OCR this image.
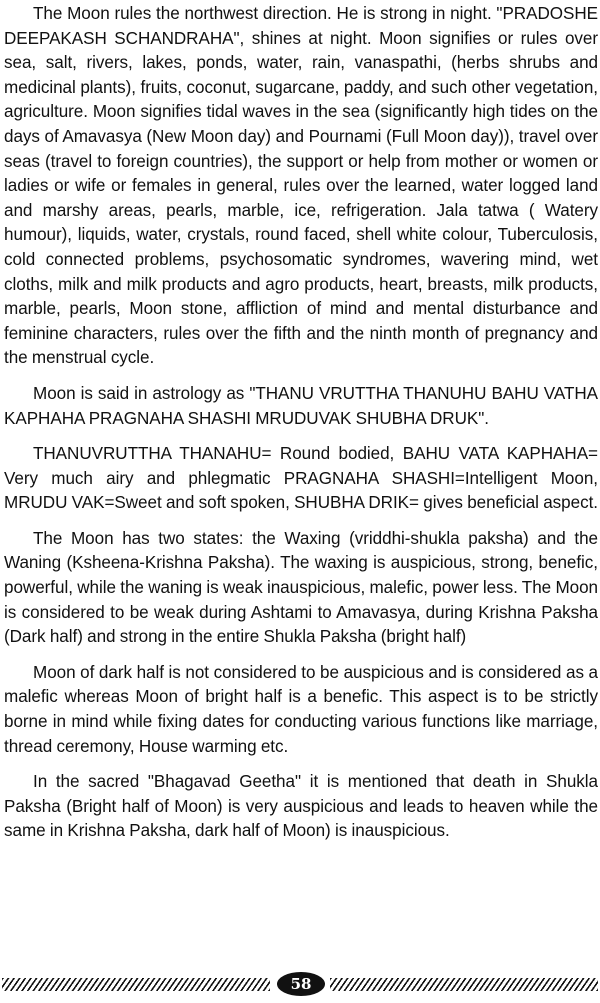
The Moon rules the northwest direction. He is strong in night. "PRADOSHE DEEPAKASH SCHANDRAHA", shines at night. Moon signifies or rules over sea, salt, rivers, lakes, ponds, water, rain, vanaspathi, (herbs shrubs and medicinal plants), fruits, coconut, sugarcane, paddy, and such other vegetation, agriculture. Moon signifies tidal waves in the sea (significantly high tides on the days of Amavasya (New Moon day) and Pournami (Full Moon day)), travel over seas (travel to foreign countries), the support or help from mother or women or ladies or wife or females in general, rules over the learned, water logged land and marshy areas, pearls, marble, ice, refrigeration. Jala tatwa ( Watery humour), liquids, water, crystals, round faced, shell white colour, Tuberculosis, cold connected problems, psychosomatic syndromes, wavering mind, wet cloths, milk and milk products and agro products, heart, breasts, milk products, marble, pearls, Moon stone, affliction of mind and mental disturbance and feminine characters, rules over the fifth and the ninth month of pregnancy and the menstrual cycle.

Moon is said in astrology as "THANU VRUTTHA THANUHU BAHU VATHA KAPHAHA PRAGNAHA SHASHI MRUDUVAK SHUBHA DRUK".

THANUVRUTTHA THANAHU= Round bodied, BAHU VATA KAPHAHA= Very much airy and phlegmatic PRAGNAHA SHASHI=Intelligent Moon, MRUDU VAK=Sweet and soft spoken, SHUBHA DRIK= gives beneficial aspect.

The Moon has two states: the Waxing (vriddhi-shukla paksha) and the Waning (Ksheena-Krishna Paksha). The waxing is auspicious, strong, benefic, powerful, while the waning is weak inauspicious, malefic, power less. The Moon is considered to be weak during Ashtami to Amavasya, during Krishna Paksha (Dark half) and strong in the entire Shukla Paksha (bright half)

Moon of dark half is not considered to be auspicious and is considered as a malefic whereas Moon of bright half is a benefic. This aspect is to be strictly borne in mind while fixing dates for conducting various functions like marriage, thread ceremony, House warming etc.

In the sacred "Bhagavad Geetha" it is mentioned that death in Shukla Paksha (Bright half of Moon) is very auspicious and leads to heaven while the same in Krishna Paksha, dark half of Moon) is inauspicious.

58
